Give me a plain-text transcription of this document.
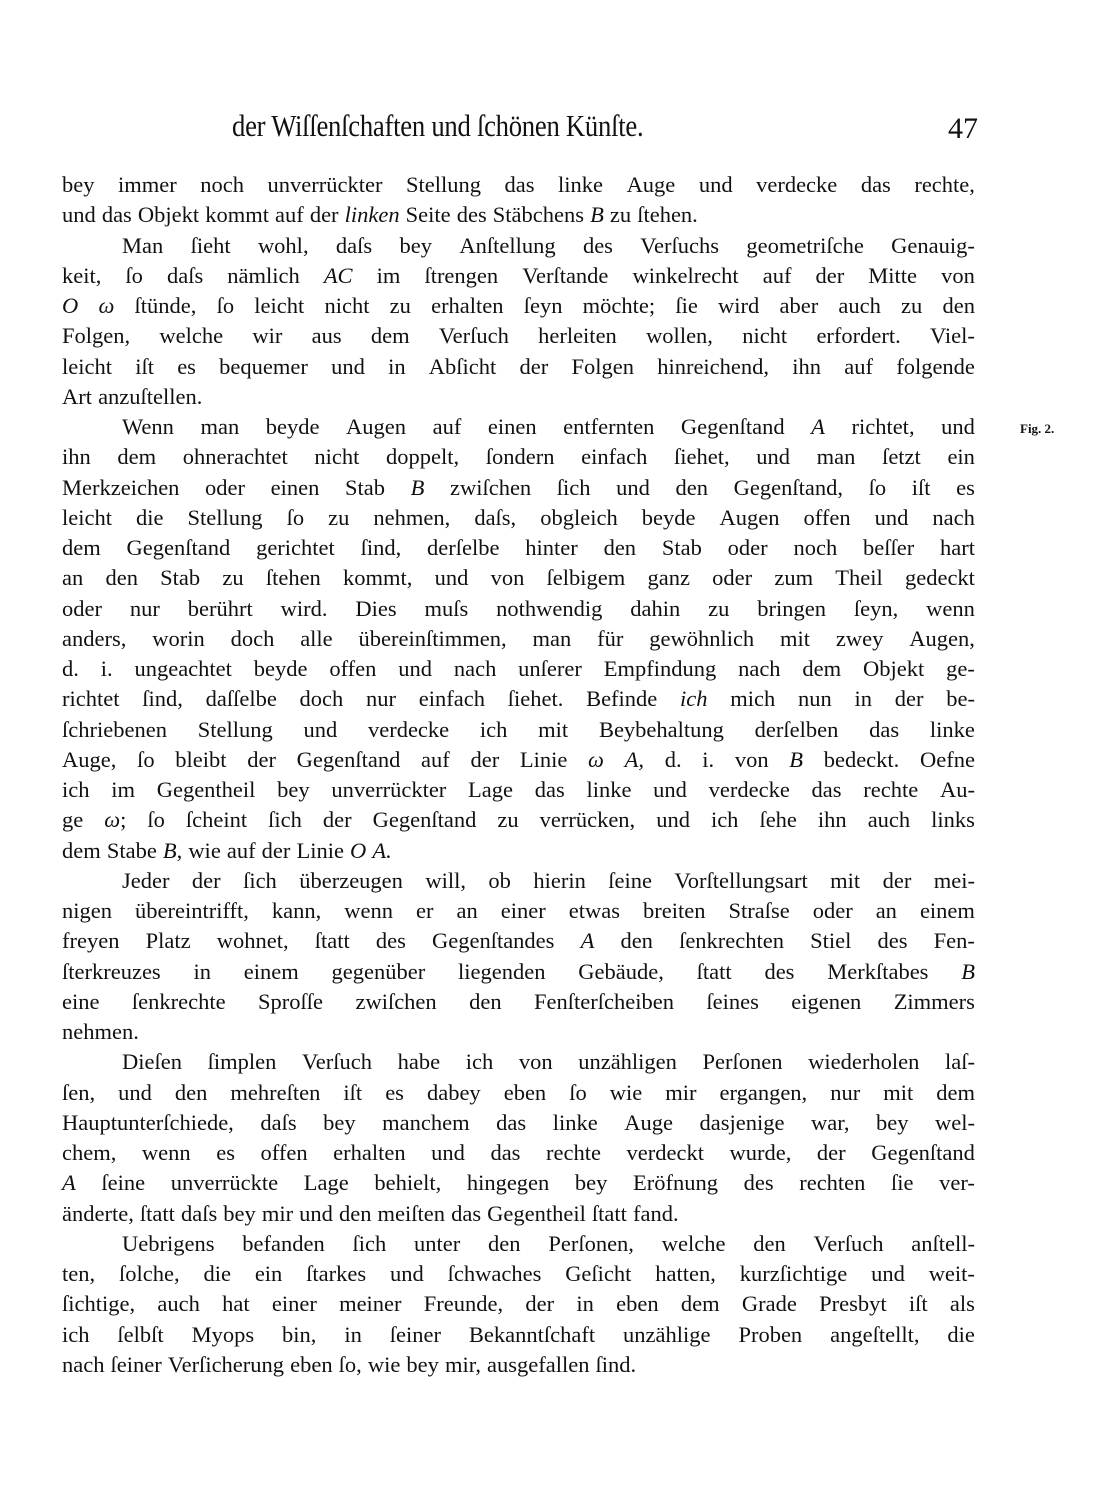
der Wiſſenſchaften und ſchönen Künſte.	47
Fig. 2.
bey immer noch unverrückter Stellung das linke Auge und verdecke das rechte,
und das Objekt kommt auf der linken Seite des Stäbchens B zu ſtehen.
Man ſieht wohl, daſs bey Anſtellung des Verſuchs geometriſche Genauig-
keit, ſo daſs nämlich AC im ſtrengen Verſtande winkelrecht auf der Mitte von
O ω ſtünde, ſo leicht nicht zu erhalten ſeyn möchte; ſie wird aber auch zu den
Folgen, welche wir aus dem Verſuch herleiten wollen, nicht erfordert. Viel-
leicht iſt es bequemer und in Abſicht der Folgen hinreichend, ihn auf folgende
Art anzuſtellen.
Wenn man beyde Augen auf einen entfernten Gegenſtand A richtet, und
ihn dem ohnerachtet nicht doppelt, ſondern einfach ſiehet, und man ſetzt ein
Merkzeichen oder einen Stab B zwiſchen ſich und den Gegenſtand, ſo iſt es
leicht die Stellung ſo zu nehmen, daſs, obgleich beyde Augen offen und nach
dem Gegenſtand gerichtet ſind, derſelbe hinter den Stab oder noch beſſer hart
an den Stab zu ſtehen kommt, und von ſelbigem ganz oder zum Theil gedeckt
oder nur berührt wird. Dies muſs nothwendig dahin zu bringen ſeyn, wenn
anders, worin doch alle übereinſtimmen, man für gewöhnlich mit zwey Augen,
d. i. ungeachtet beyde offen und nach unſerer Empfindung nach dem Objekt ge-
richtet ſind, daſſelbe doch nur einfach ſiehet. Befinde ich mich nun in der be-
ſchriebenen Stellung und verdecke ich mit Beybehaltung derſelben das linke
Auge, ſo bleibt der Gegenſtand auf der Linie ω A, d. i. von B bedeckt. Oefne
ich im Gegentheil bey unverrückter Lage das linke und verdecke das rechte Au-
ge ω; ſo ſcheint ſich der Gegenſtand zu verrücken, und ich ſehe ihn auch links
dem Stabe B, wie auf der Linie O A.
Jeder der ſich überzeugen will, ob hierin ſeine Vorſtellungsart mit der mei-
nigen übereintrifft, kann, wenn er an einer etwas breiten Straſse oder an einem
freyen Platz wohnet, ſtatt des Gegenſtandes A den ſenkrechten Stiel des Fen-
ſterkreuzes in einem gegenüber liegenden Gebäude, ſtatt des Merkſtabes B
eine ſenkrechte Sproſſe zwiſchen den Fenſterſcheiben ſeines eigenen Zimmers
nehmen.
Dieſen ſimplen Verſuch habe ich von unzähligen Perſonen wiederholen laſ-
ſen, und den mehreſten iſt es dabey eben ſo wie mir ergangen, nur mit dem
Hauptunterſchiede, daſs bey manchem das linke Auge dasjenige war, bey wel-
chem, wenn es offen erhalten und das rechte verdeckt wurde, der Gegenſtand
A ſeine unverrückte Lage behielt, hingegen bey Eröfnung des rechten ſie ver-
änderte, ſtatt daſs bey mir und den meiſten das Gegentheil ſtatt fand.
Uebrigens befanden ſich unter den Perſonen, welche den Verſuch anſtell-
ten, ſolche, die ein ſtarkes und ſchwaches Geſicht hatten, kurzſichtige und weit-
ſichtige, auch hat einer meiner Freunde, der in eben dem Grade Presbyt iſt als
ich ſelbſt Myops bin, in ſeiner Bekanntſchaft unzählige Proben angeſtellt, die
nach ſeiner Verſicherung eben ſo, wie bey mir, ausgefallen ſind.
